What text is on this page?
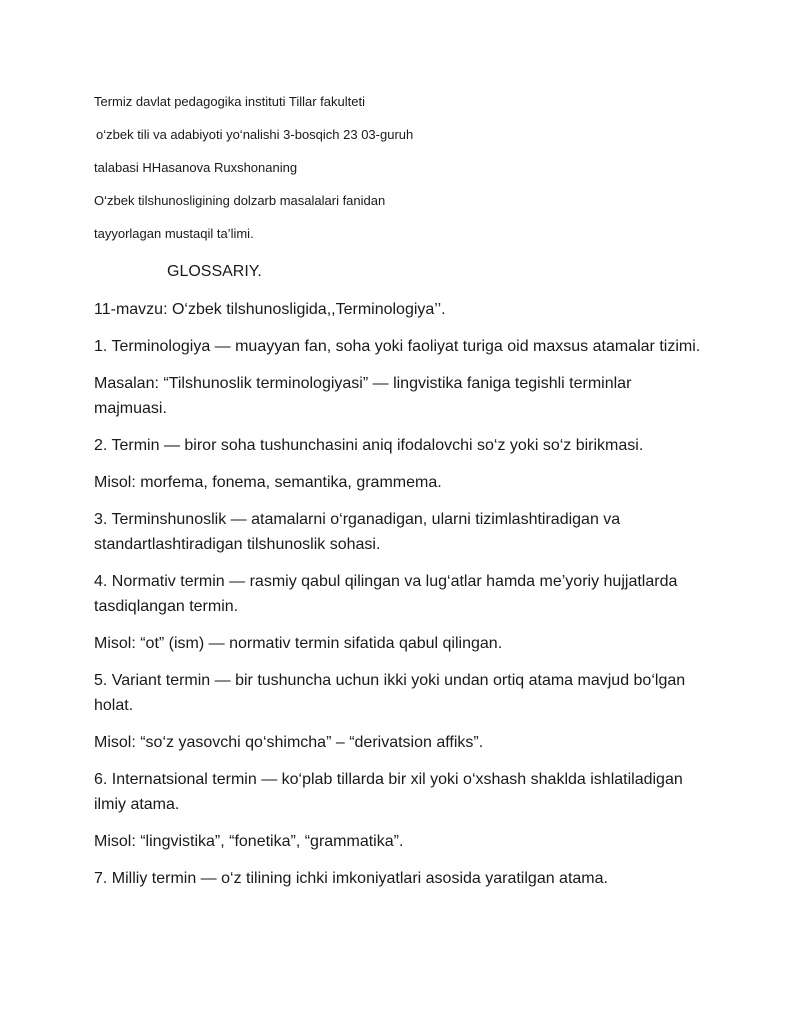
Termiz davlat pedagogika instituti Tillar fakulteti

o‘zbek tili va adabiyoti yo‘nalishi 3-bosqich 23 03-guruh

talabasi HHasanova Ruxshonaning

O‘zbek tilshunosligining dolzarb masalalari fanidan

tayyorlagan mustaqil ta’limi.

GLOSSARIY.

11-mavzu: O‘zbek tilshunosligida,,Terminologiya’’.

1. Terminologiya — muayyan fan, soha yoki faoliyat turiga oid maxsus atamalar tizimi.

Masalan: “Tilshunoslik terminologiyasi” — lingvistika faniga tegishli terminlar majmuasi.

2. Termin — biror soha tushunchasini aniq ifodalovchi so‘z yoki so‘z birikmasi.

Misol: morfema, fonema, semantika, grammema.

3. Terminshunoslik — atamalarni o‘rganadigan, ularni tizimlashtiradigan va standartlashtiradigan tilshunoslik sohasi.

4. Normativ termin — rasmiy qabul qilingan va lug‘atlar hamda me’yoriy hujjatlarda tasdiqlangan termin.

Misol: “ot” (ism) — normativ termin sifatida qabul qilingan.

5. Variant termin — bir tushuncha uchun ikki yoki undan ortiq atama mavjud bo‘lgan holat.

Misol: “so‘z yasovchi qo‘shimcha” – “derivatsion affiks”.

6. Internatsional termin — ko‘plab tillarda bir xil yoki o‘xshash shaklda ishlatiladigan ilmiy atama.

Misol: “lingvistika”, “fonetika”, “grammatika”.

7. Milliy termin — o‘z tilining ichki imkoniyatlari asosida yaratilgan atama.
